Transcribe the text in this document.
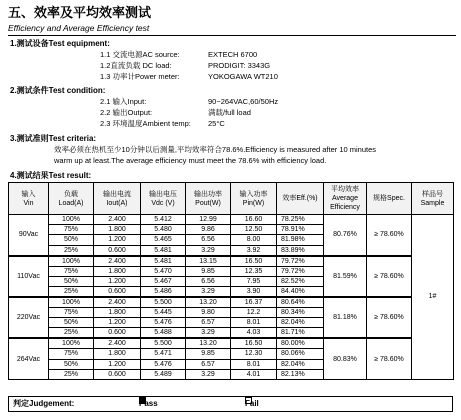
五、效率及平均效率测试
Efficiency and Average Efficiency test
1.测试设备Test equipment:
1.1 交流电源AC source:	EXTECH 6700
1.2直流负载 DC load:	PRODIGIT: 3343G
1.3 功率计Power meter:	YOKOGAWA WT210
2.测试条件Test condition:
2.1 输入Input:	90~264VAC,60/50Hz
2.2 输出Output:	满载/full load
2.3 环境温度Ambient temp: 25°C
3.测试准则Test criteria:
效率必须在热机至少10分钟以后测量,平均效率符合78.6%.Efficiency is measured after 10 minutes
warm up at least.The average efficiency must meet the 78.6% with efficiency load.
4.测试结果Test result:
输入
Vin	负载 Load(A)	输出电流 Iout(A)	输出电压 Vdc (V)	输出功率 Pout(W)	输入功率 Pin(W)	效率Eff.(%)	平均效率 Average Efficiency	规格Spec.	样品号 Sample
90Vac	100%	2.400	5.412	12.99	16.60	78.25%	80.76%	≥ 78.60%	1#
	75%	1.800	5.480	9.86	12.50	78.91%			
	50%	1.200	5.465	6.56	8.00	81.98%			
	25%	0.600	5.481	3.29	3.92	83.89%			
110Vac	100%	2.400	5.481	13.15	16.50	79.72%	81.59%	≥ 78.60%	
	75%	1.800	5.470	9.85	12.35	79.72%			
	50%	1.200	5.467	6.56	7.95	82.52%			
	25%	0.600	5.486	3.29	3.90	84.40%			
220Vac	100%	2.400	5.500	13.20	16.37	80.64%	81.18%	≥ 78.60%	
	75%	1.800	5.445	9.80	12.2	80.34%			
	50%	1.200	5.476	6.57	8.01	82.04%			
	25%	0.600	5.488	3.29	4.03	81.71%			
264Vac	100%	2.400	5.500	13.20	16.50	80.00%	80.83%	≥ 78.60%	
	75%	1.800	5.471	9.85	12.30	80.06%			
	50%	1.200	5.476	6.57	8.01	82.04%			
	25%	0.600	5.489	3.29	4.01	82.13%			
判定Judgement:	Pass	Fail
